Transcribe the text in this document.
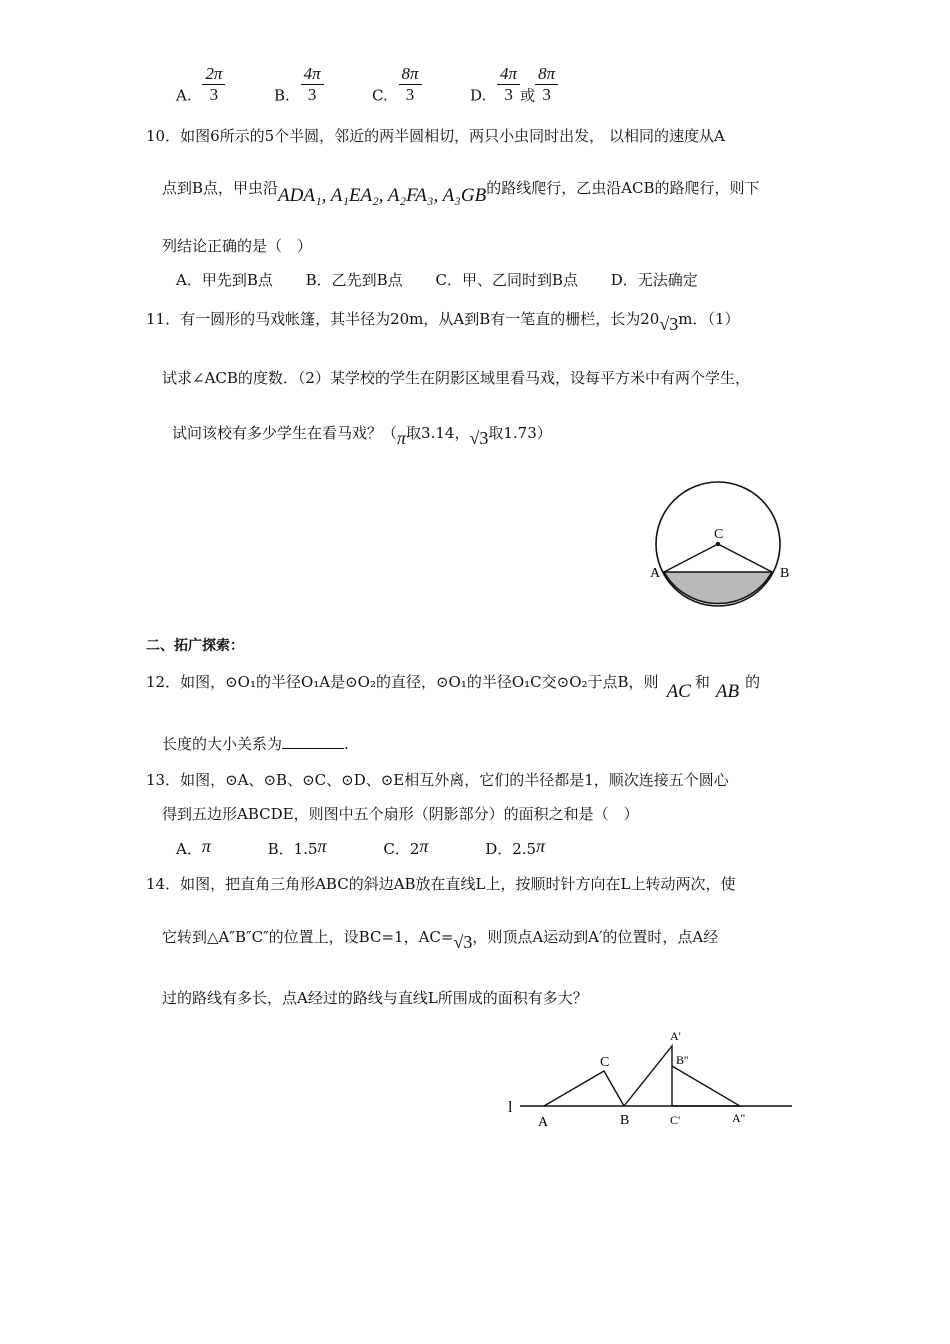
A. $\frac{2\pi}{3}$	B. $\frac{4\pi}{3}$	C. $\frac{8\pi}{3}$	D. $\frac{4\pi}{3}$ 或 $\frac{8\pi}{3}$
10．如图6所示的5个半圆，邻近的两半圆相切，两只小虫同时出发， 以相同的速度从A
点到B点，甲虫沿ADA₁, A₁EA₂, A₂FA₃, A₃GB的路线爬行，乙虫沿ACB的路爬行，则下
列结论正确的是（　）
A．甲先到B点 B．乙先到B点 C．甲、乙同时到B点 D．无法确定
11．有一圆形的马戏帐篷，其半径为20m，从A到B有一笔直的栅栏，长为20√3m．（1）
试求∠ACB的度数．（2）某学校的学生在阴影区域里看马戏，设每平方米中有两个学生，
试问该校有多少学生在看马戏？（π取3.14，√3取1.73）
C
A	B
二、拓广探索：
12．如图，⊙O₁的半径O₁A是⊙O₂的直径，⊙O₁的半径O₁C交⊙O₂于点B，则 AC 和 AB 的
长度的大小关系为	.
13．如图，⊙A、⊙B、⊙C、⊙D、⊙E相互外离，它们的半径都是1，顺次连接五个圆心
得到五边形ABCDE，则图中五个扇形（阴影部分）的面积之和是（　）
A．π	B．1.5π	C．2π	D．2.5π
14．如图，把直角三角形ABC的斜边AB放在直线L上，按顺时针方向在L上转动两次，使
它转到△A″B″C″的位置上，设BC=1，AC=√3，则顶点A运动到A′的位置时，点A经
过的路线有多长，点A经过的路线与直线L所围成的面积有多大？
l
A
C
B
A'
B''
C'	A''
